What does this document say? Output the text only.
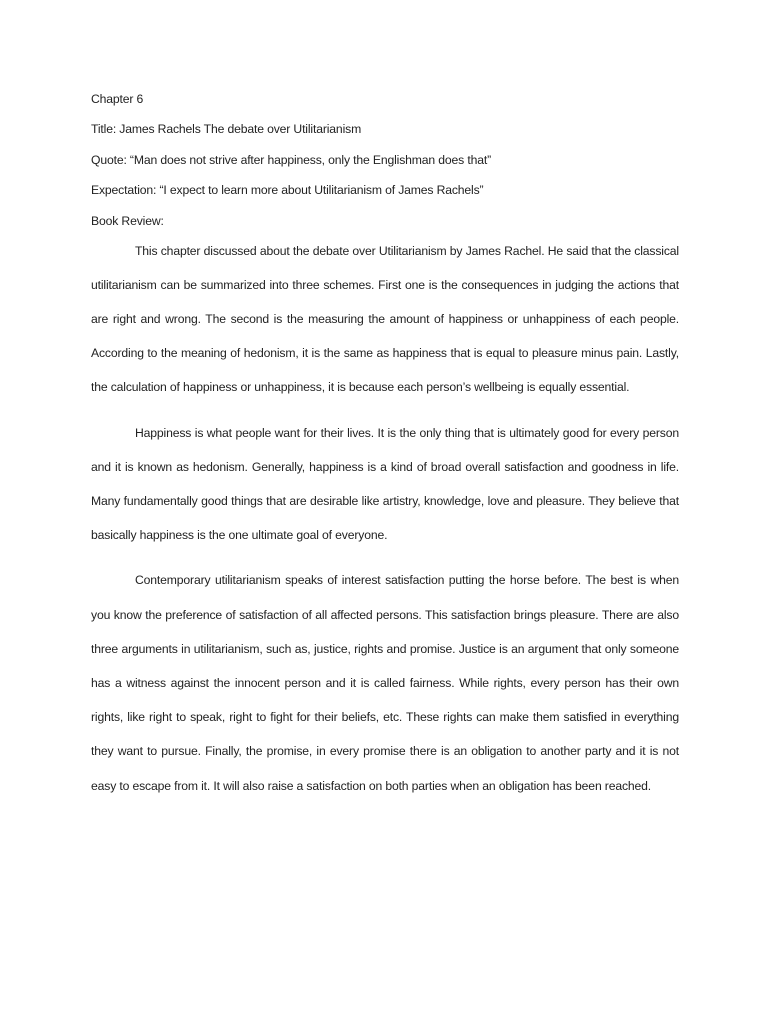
Chapter 6

Title: James Rachels The debate over Utilitarianism

Quote: “Man does not strive after happiness, only the Englishman does that”

Expectation: “I expect to learn more about Utilitarianism of James Rachels”

Book Review:

This chapter discussed about the debate over Utilitarianism by James Rachel. He said that the classical utilitarianism can be summarized into three schemes. First one is the consequences in judging the actions that are right and wrong. The second is the measuring the amount of happiness or unhappiness of each people. According to the meaning of hedonism, it is the same as happiness that is equal to pleasure minus pain. Lastly, the calculation of happiness or unhappiness, it is because each person’s wellbeing is equally essential.

Happiness is what people want for their lives. It is the only thing that is ultimately good for every person and it is known as hedonism. Generally, happiness is a kind of broad overall satisfaction and goodness in life. Many fundamentally good things that are desirable like artistry, knowledge, love and pleasure. They believe that basically happiness is the one ultimate goal of everyone.

Contemporary utilitarianism speaks of interest satisfaction putting the horse before. The best is when you know the preference of satisfaction of all affected persons. This satisfaction brings pleasure. There are also three arguments in utilitarianism, such as, justice, rights and promise. Justice is an argument that only someone has a witness against the innocent person and it is called fairness. While rights, every person has their own rights, like right to speak, right to fight for their beliefs, etc. These rights can make them satisfied in everything they want to pursue. Finally, the promise, in every promise there is an obligation to another party and it is not easy to escape from it. It will also raise a satisfaction on both parties when an obligation has been reached.
